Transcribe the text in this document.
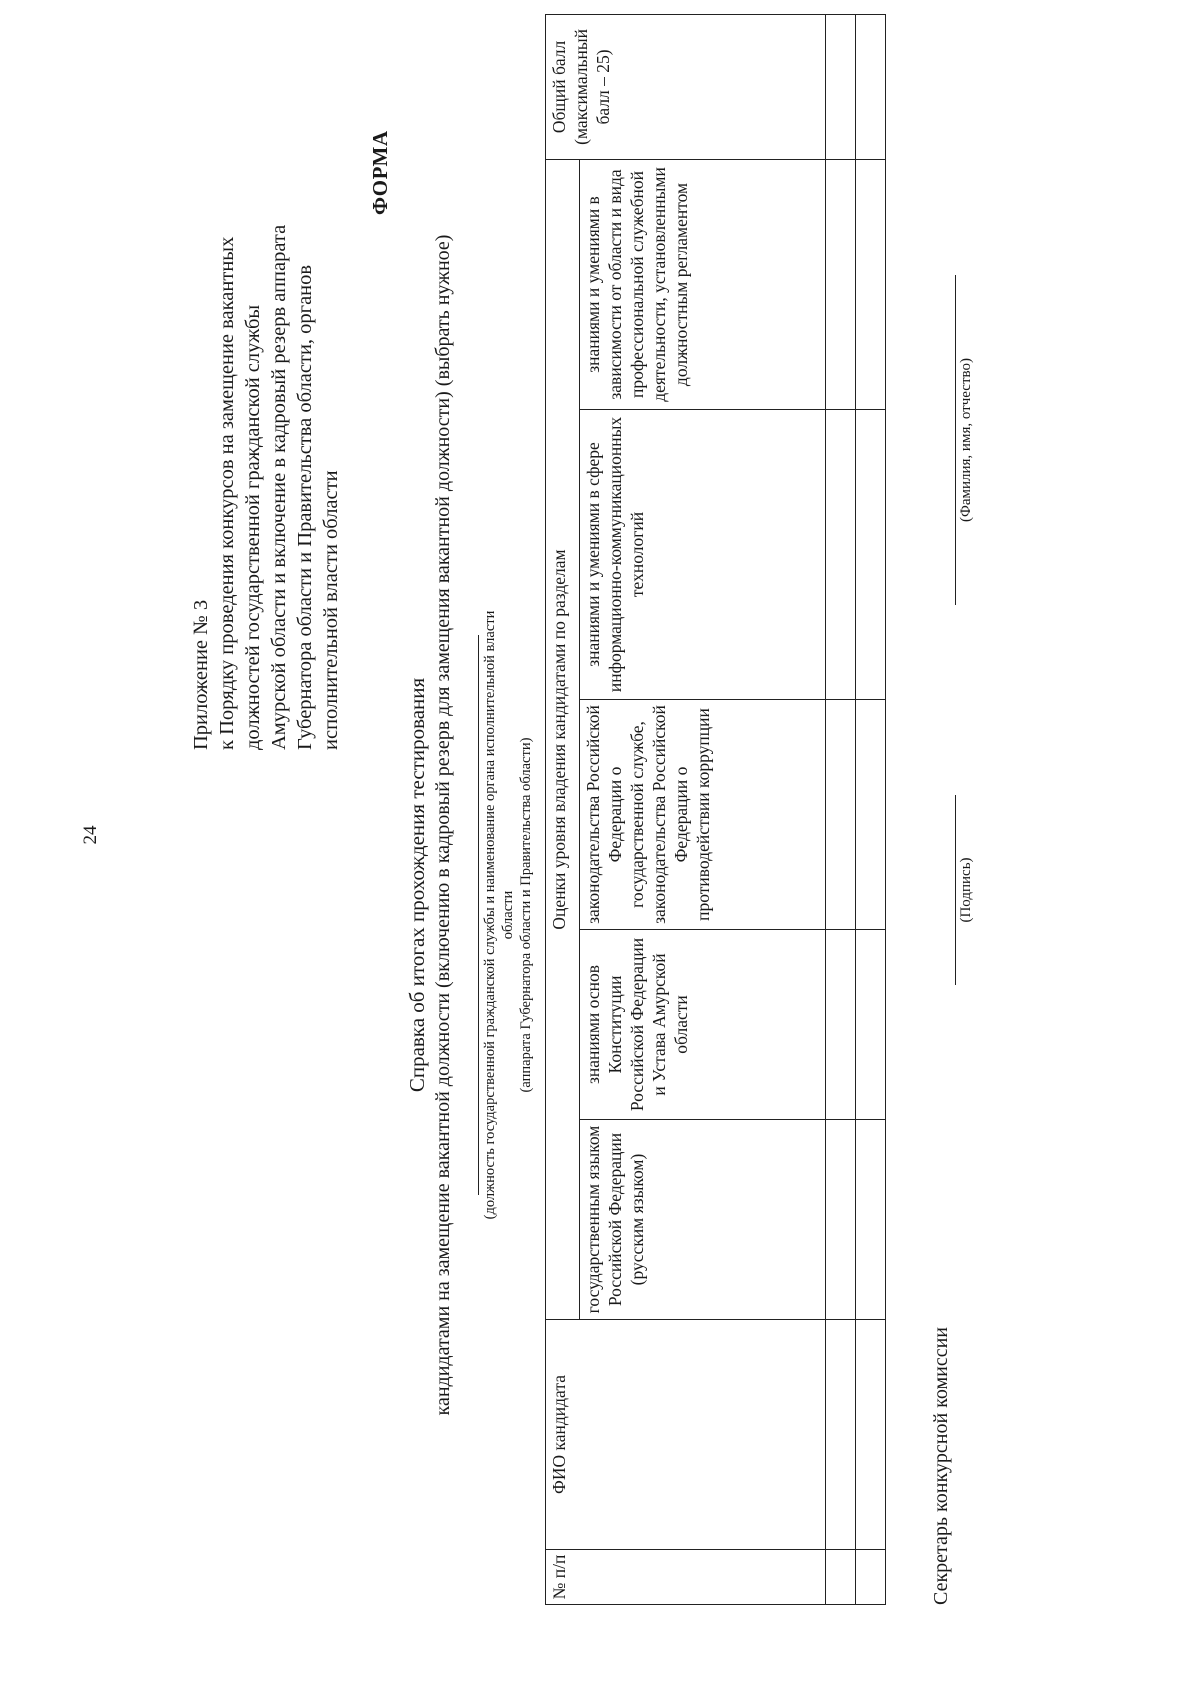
24
Приложение № 3 к Порядку проведения конкурсов на замещение вакантных должностей государственной гражданской службы Амурской области и включение в кадровый резерв аппарата Губернатора области и Правительства области, органов исполнительной власти области
ФОРМА
Справка об итогах прохождения тестирования кандидатами на замещение вакантной должности (включению в кадровый резерв для замещения вакантной должности) (выбрать нужное) (должность государственной гражданской службы и наименование органа исполнительной власти области (аппарата Губернатора области и Правительства области)
№ п/п	ФИО кандидата	Оценки уровня владения кандидатами по разделам					Общий балл (максимальный балл – 25)
		государственным языком Российской Федерации (русским языком)	знаниями основ Конституции Российской Федерации и Устава Амурской области	законодательства Российской Федерации о государственной службе, законодательства Российской Федерации о противодействии коррупции	знаниями и умениями в сфере информационно-коммуникационных технологий	знаниями и умениями в зависимости от области и вида профессиональной служебной деятельности, установленными должностным регламентом	

Секретарь конкурсной комиссии
(Подпись)
(Фамилия, имя, отчество)
